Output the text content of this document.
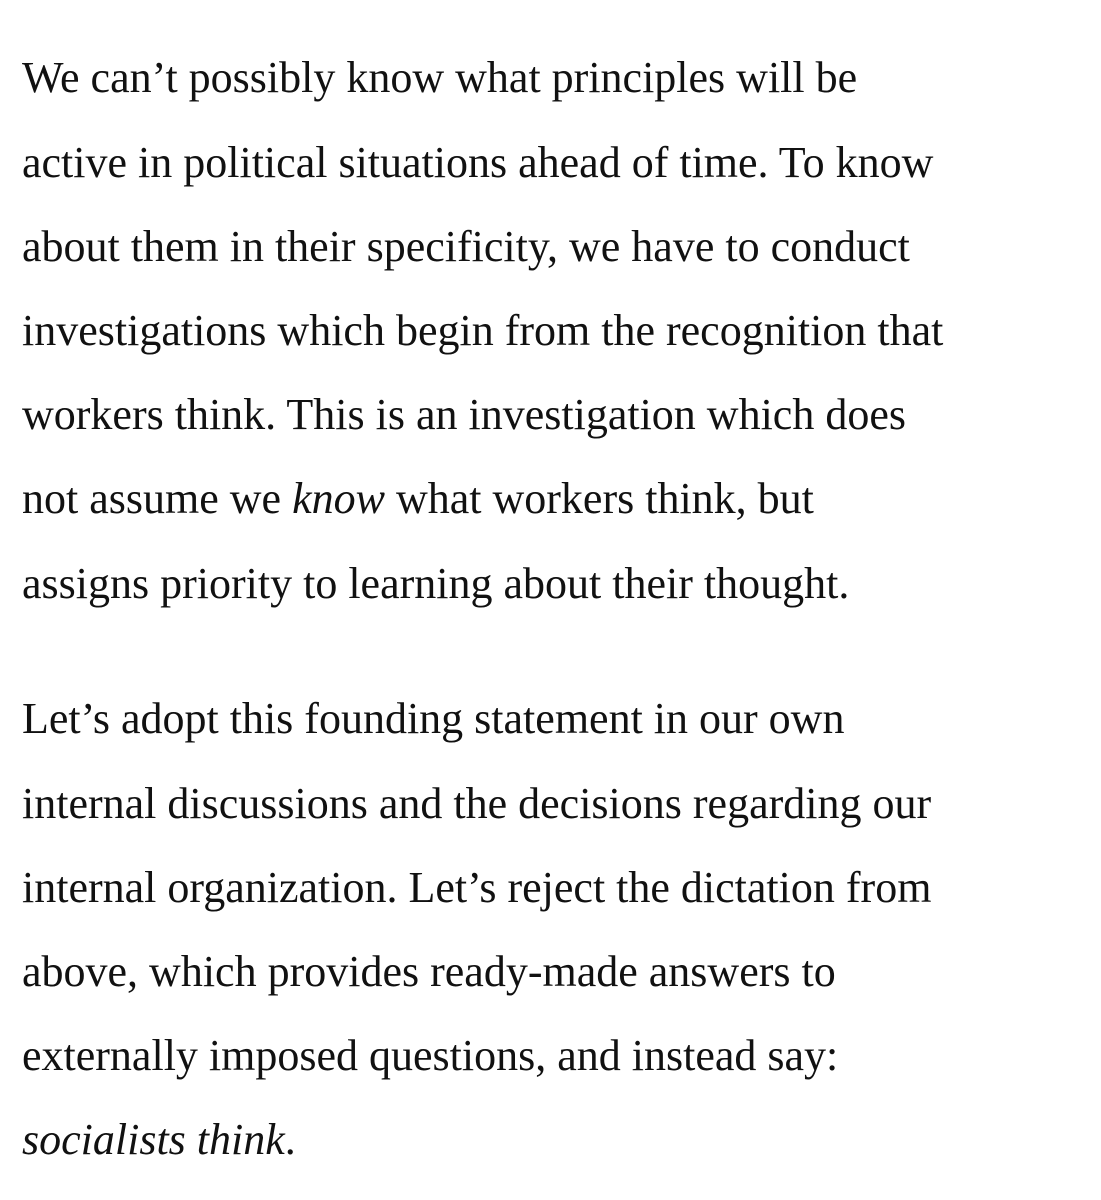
We can’t possibly know what principles will be
active in political situations ahead of time. To know
about them in their specificity, we have to conduct
investigations which begin from the recognition that
workers think. This is an investigation which does
not assume we know what workers think, but
assigns priority to learning about their thought.
Let’s adopt this founding statement in our own
internal discussions and the decisions regarding our
internal organization. Let’s reject the dictation from
above, which provides ready-made answers to
externally imposed questions, and instead say:
socialists think.
